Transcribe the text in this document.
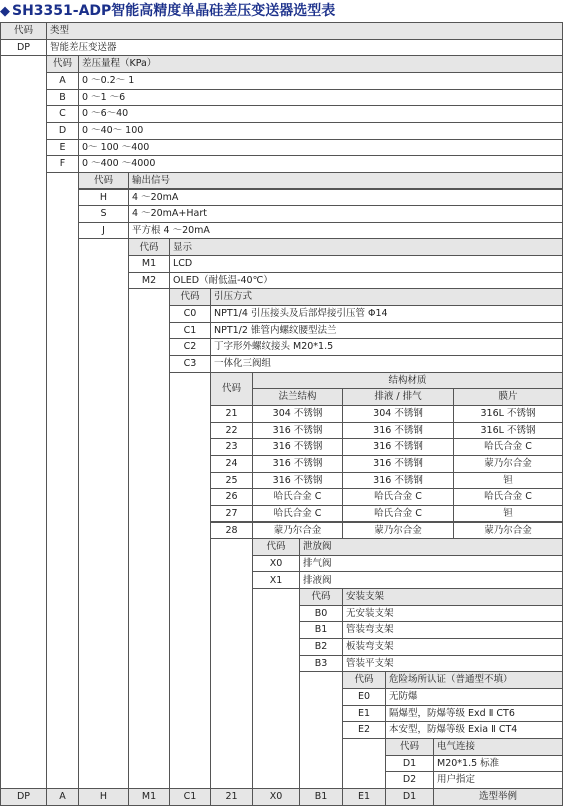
◆ SH3351-ADP智能高精度单晶硅差压变送器选型表
代码	类型
DP	智能差压变送器
代码	差压量程（KPa）
A	0 ～0.2～ 1
B	0 ～1 ～6
C	0 ～6～40
D	0 ～40～ 100
E	0～ 100 ～400
F	0 ～400 ～4000
代码	输出信号
H	4 ～20mA
S	4 ～20mA+Hart
J	平方根 4 ～20mA
代码	显示
M1	LCD
M2	OLED（耐低温-40℃）
代码	引压方式
C0	NPT1/4 引压接头及后部焊接引压管 Φ14
C1	NPT1/2 锥管内螺纹腰型法兰
C2	丁字形外螺纹接头 M20*1.5
C3	一体化三阀组
代码	泄放阀
X0	排气阀
X1	排液阀
代码	安装支架
B0	无安装支架
B1	管装弯支架
B2	板装弯支架
B3	管装平支架
代码	危险场所认证（普通型不填）
E0	无防爆
E1	隔爆型，防爆等级 Exd Ⅱ CT6
E2	本安型，防爆等级 Exia Ⅱ CT4
代码	电气连接
D1	M20*1.5 标准
D2	用户指定
代码
结构材质
法兰结构	排液 / 排气	膜片
21	304 不锈钢	304 不锈钢	316L 不锈钢
22	316 不锈钢	316 不锈钢	316L 不锈钢
23	316 不锈钢	316 不锈钢	哈氏合金 C
24	316 不锈钢	316 不锈钢	蒙乃尔合金
25	316 不锈钢	316 不锈钢	钽
26	哈氏合金 C	哈氏合金 C	哈氏合金 C
27	哈氏合金 C	哈氏合金 C	钽
28	蒙乃尔合金	蒙乃尔合金	蒙乃尔合金
DP	A	H	M1	C1	21	X0	B1	E1	D1	选型举例
